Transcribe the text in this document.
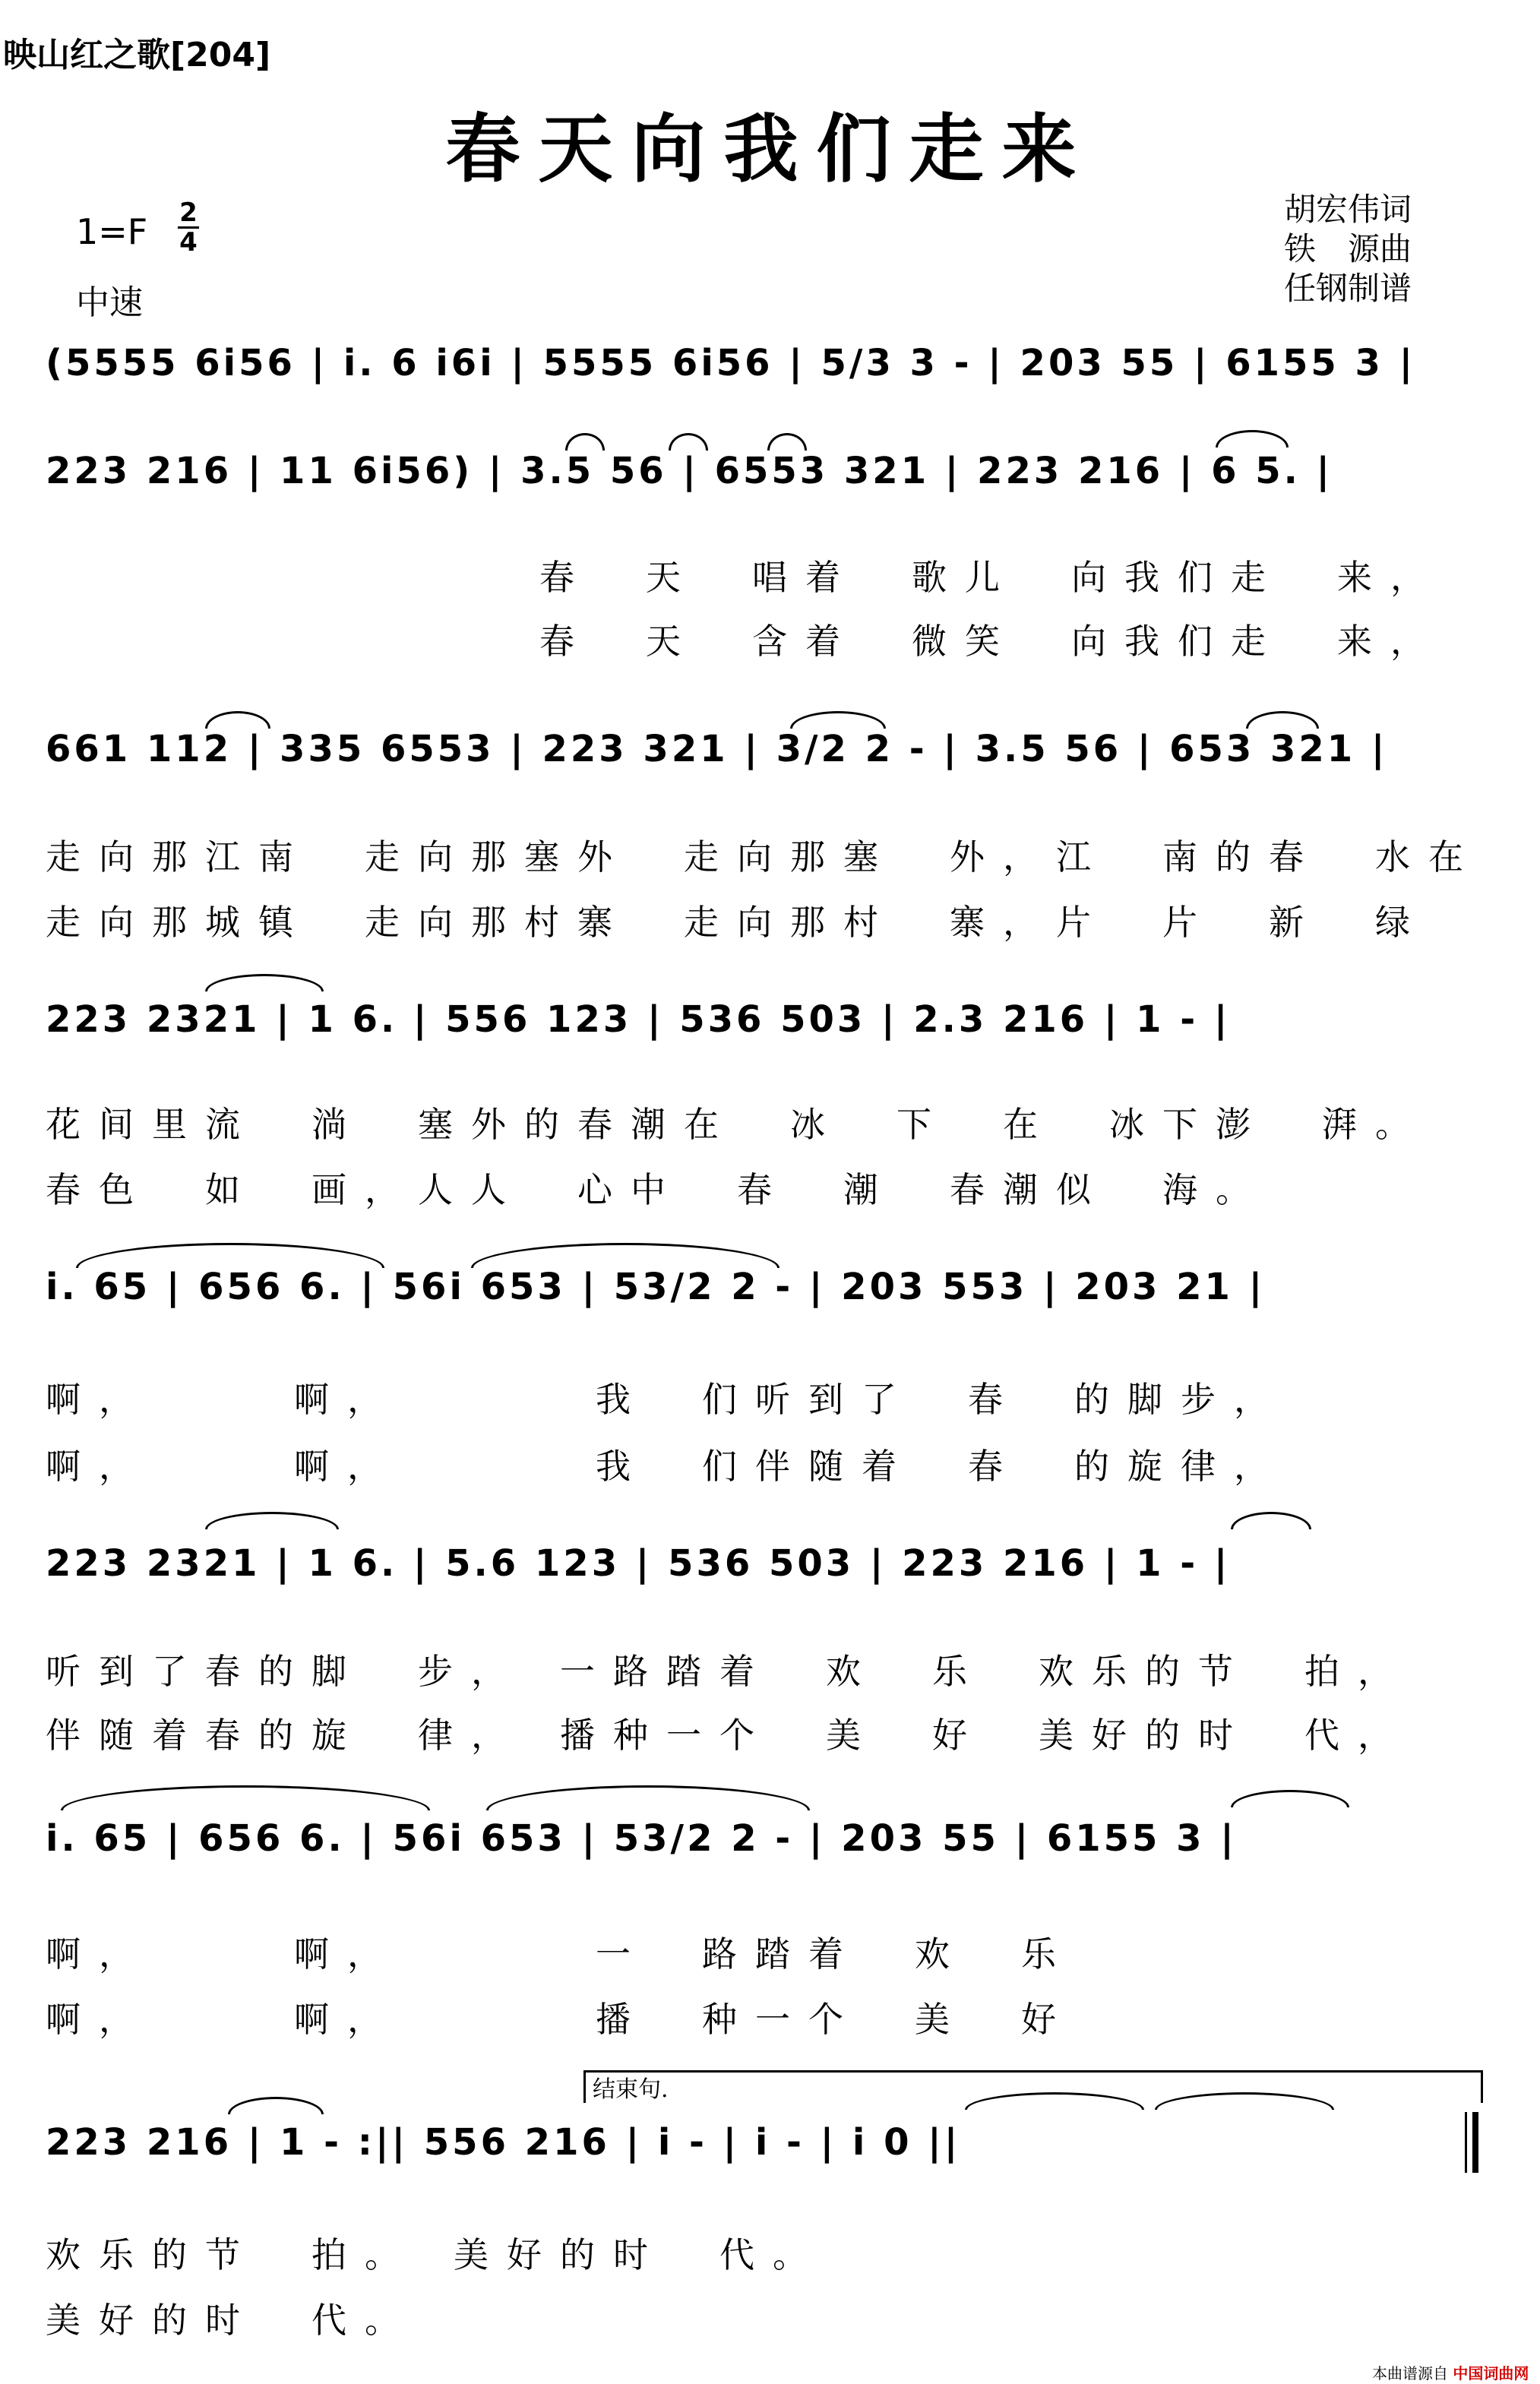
映山红之歌[204]
春天向我们走来
1=F 2
4
中速
胡宏伟词
铁　源曲
任钢制谱
(5555 6i56 | i. 6 i6i | 5555 6i56 | 5/3 3 - | 203 55 | 6155 3 |
223 216 | 11 6i56) | 3.5 56 | 6553 321 | 223 216 | 6 5. |
春　天　唱着　歌儿　向我们走　来，
春　天　含着　微笑　向我们走　来，
661 112 | 335 6553 | 223 321 | 3/2 2 - | 3.5 56 | 653 321 |
走向那江南　走向那塞外　走向那塞　外，江　南的春　水在
走向那城镇　走向那村寨　走向那村　寨，片　片　新　绿
223 2321 | 1 6. | 556 123 | 536 503 | 2.3 216 | 1 - |
花间里流　淌　塞外的春潮在　冰　下　在　冰下澎　湃。
春色　如　画，人人　心中　春　潮　春潮似　海。
i. 65 | 656 6. | 56i 653 | 53/2 2 - | 203 553 | 203 21 |
啊，　　　啊，　　　　我　们听到了　春　的脚步，
啊，　　　啊，　　　　我　们伴随着　春　的旋律，
223 2321 | 1 6. | 5.6 123 | 536 503 | 223 216 | 1 - |
听到了春的脚　步，　一路踏着　欢　乐　欢乐的节　拍，
伴随着春的旋　律，　播种一个　美　好　美好的时　代，
i. 65 | 656 6. | 56i 653 | 53/2 2 - | 203 55 | 6155 3 |
啊，　　　啊，　　　　一　路踏着　欢　乐
啊，　　　啊，　　　　播　种一个　美　好
结束句.
223 216 | 1 - :|| 556 216 | i - | i - | i 0 ||
欢乐的节　拍。　美好的时　代。
美好的时　代。
本曲谱源自 中国词曲网
